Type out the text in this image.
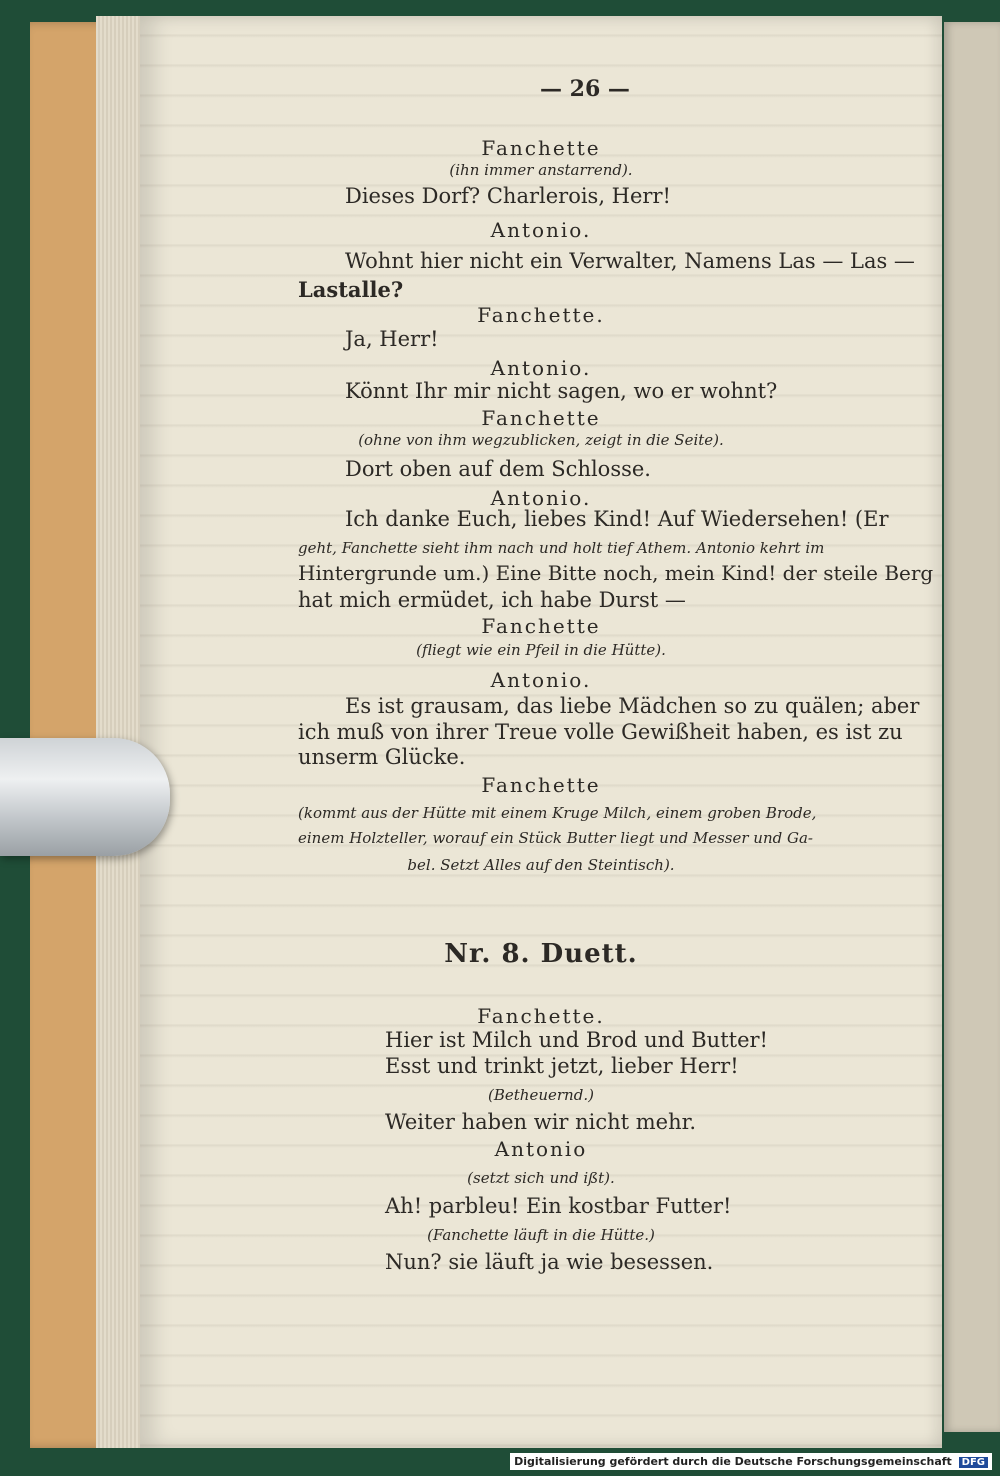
— 26 —
Fanchette
(ihn immer anstarrend).
Dieses Dorf? Charlerois, Herr!
Antonio.
Wohnt hier nicht ein Verwalter, Namens Las — Las —
Lastalle?
Fanchette.
Ja, Herr!
Antonio.
Könnt Ihr mir nicht sagen, wo er wohnt?
Fanchette
(ohne von ihm wegzublicken, zeigt in die Seite).
Dort oben auf dem Schlosse.
Antonio.
Ich danke Euch, liebes Kind! Auf Wiedersehen! (Er
geht, Fanchette sieht ihm nach und holt tief Athem. Antonio kehrt im
Hintergrunde um.) Eine Bitte noch, mein Kind! der steile Berg
hat mich ermüdet, ich habe Durst —
Fanchette
(fliegt wie ein Pfeil in die Hütte).
Antonio.
Es ist grausam, das liebe Mädchen so zu quälen; aber
ich muß von ihrer Treue volle Gewißheit haben, es ist zu
unserm Glücke.
Fanchette
(kommt aus der Hütte mit einem Kruge Milch, einem groben Brode,
einem Holzteller, worauf ein Stück Butter liegt und Messer und Ga-
bel. Setzt Alles auf den Steintisch).
Nr. 8. Duett.
Fanchette.
Hier ist Milch und Brod und Butter!
Esst und trinkt jetzt, lieber Herr!
(Betheuernd.)
Weiter haben wir nicht mehr.
Antonio
(setzt sich und ißt).
Ah! parbleu! Ein kostbar Futter!
(Fanchette läuft in die Hütte.)
Nun? sie läuft ja wie besessen.
Digitalisierung gefördert durch die Deutsche Forschungsgemeinschaft DFG
